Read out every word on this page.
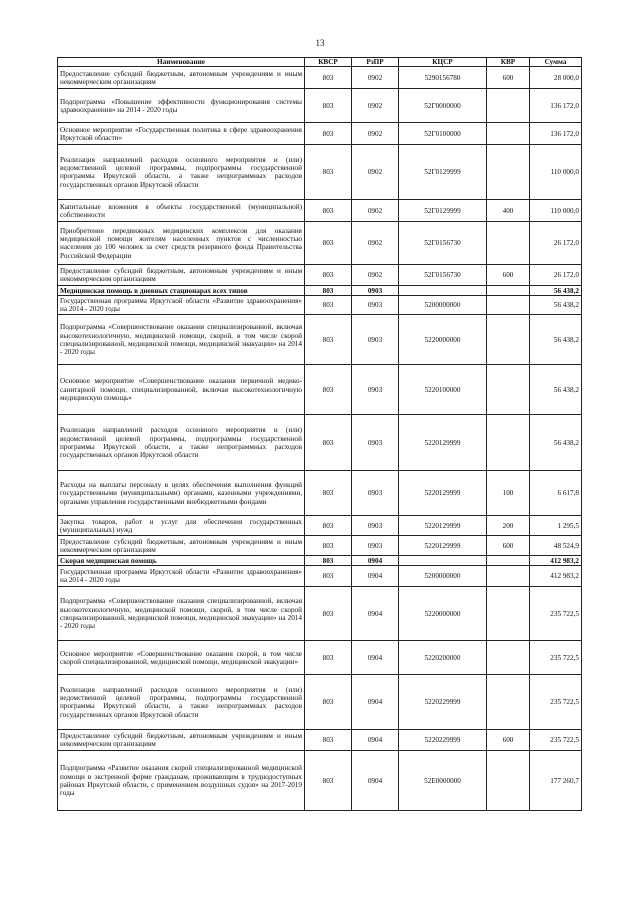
13
Наименование	КВСР	РзПР	КЦСР	КВР	Сумма
Предоставление субсидий бюджетным, автономным учреждениям и иным некоммерческим организациям	803	0902	5290156780	600	28 000,0
Подпрограмма «Повышение эффективности функционирования системы здравоохранения» на 2014 - 2020 годы	803	0902	52Г0000000		136 172,0
Основное мероприятие «Государственная политика в сфере здравоохранения Иркутской области»	803	0902	52Г0100000		136 172,0
Реализация направлений расходов основного мероприятия и (или) ведомственной целевой программы, подпрограммы государственной программы Иркутской области, а также непрограммных расходов государственных органов Иркутской области	803	0902	52Г0129999		110 000,0
Капитальные вложения в объекты государственной (муниципальной) собственности	803	0902	52Г0129999	400	110 000,0
Приобретение передвижных медицинских комплексов для оказания медицинской помощи жителям населенных пунктов с численностью населения до 100 человек за счет средств резервного фонда Правительства Российской Федерации	803	0902	52Г0156730		26 172,0
Предоставление субсидий бюджетным, автономным учреждениям и иным некоммерческим организациям	803	0902	52Г0156730	600	26 172,0
Медицинская помощь в дневных стационарах всех типов	803	0903			56 438,2
Государственная программа Иркутской области «Развитие здравоохранения» на 2014 - 2020 годы	803	0903	5200000000		56 438,2
Подпрограмма «Совершенствование оказания специализированной, включая высокотехнологичную, медицинской помощи, скорой, в том числе скорой специализированной, медицинской помощи, медицинской эвакуации» на 2014 - 2020 годы	803	0903	5220000000		56 438,2
Основное мероприятие «Совершенствование оказания первичной медико-санитарной помощи, специализированной, включая высокотехнологичную медицинскую помощь»	803	0903	5220100000		56 438,2
Реализация направлений расходов основного мероприятия и (или) ведомственной целевой программы, подпрограммы государственной программы Иркутской области, а также непрограммных расходов государственных органов Иркутской области	803	0903	5220129999		56 438,2
Расходы на выплаты персоналу в целях обеспечения выполнения функций государственными (муниципальными) органами, казенными учреждениями, органами управления государственными внебюджетными фондами	803	0903	5220129999	100	6 617,8
Закупка товаров, работ и услуг для обеспечения государственных (муниципальных) нужд	803	0903	5220129999	200	1 295,5
Предоставление субсидий бюджетным, автономным учреждениям и иным некоммерческим организациям	803	0903	5220129999	600	48 524,9
Скорая медицинская помощь	803	0904			412 983,2
Государственная программа Иркутской области «Развитие здравоохранения» на 2014 - 2020 годы	803	0904	5200000000		412 983,2
Подпрограмма «Совершенствование оказания специализированной, включая высокотехнологичную, медицинской помощи, скорой, в том числе скорой специализированной, медицинской помощи, медицинской эвакуации» на 2014 - 2020 годы	803	0904	5220000000		235 722,5
Основное мероприятие «Совершенствование оказания скорой, в том числе скорой специализированной, медицинской помощи, медицинской эвакуации»	803	0904	5220200000		235 722,5
Реализация направлений расходов основного мероприятия и (или) ведомственной целевой программы, подпрограммы государственной программы Иркутской области, а также непрограммных расходов государственных органов Иркутской области	803	0904	5220229999		235 722,5
Предоставление субсидий бюджетным, автономным учреждениям и иным некоммерческим организациям	803	0904	5220229999	600	235 722,5
Подпрограмма «Развитие оказания скорой специализированной медицинской помощи в экстренной форме гражданам, проживающим в труднодоступных районах Иркутской области, с применением воздушных судов» на 2017-2019 годы	803	0904	52Е0000000		177 260,7
